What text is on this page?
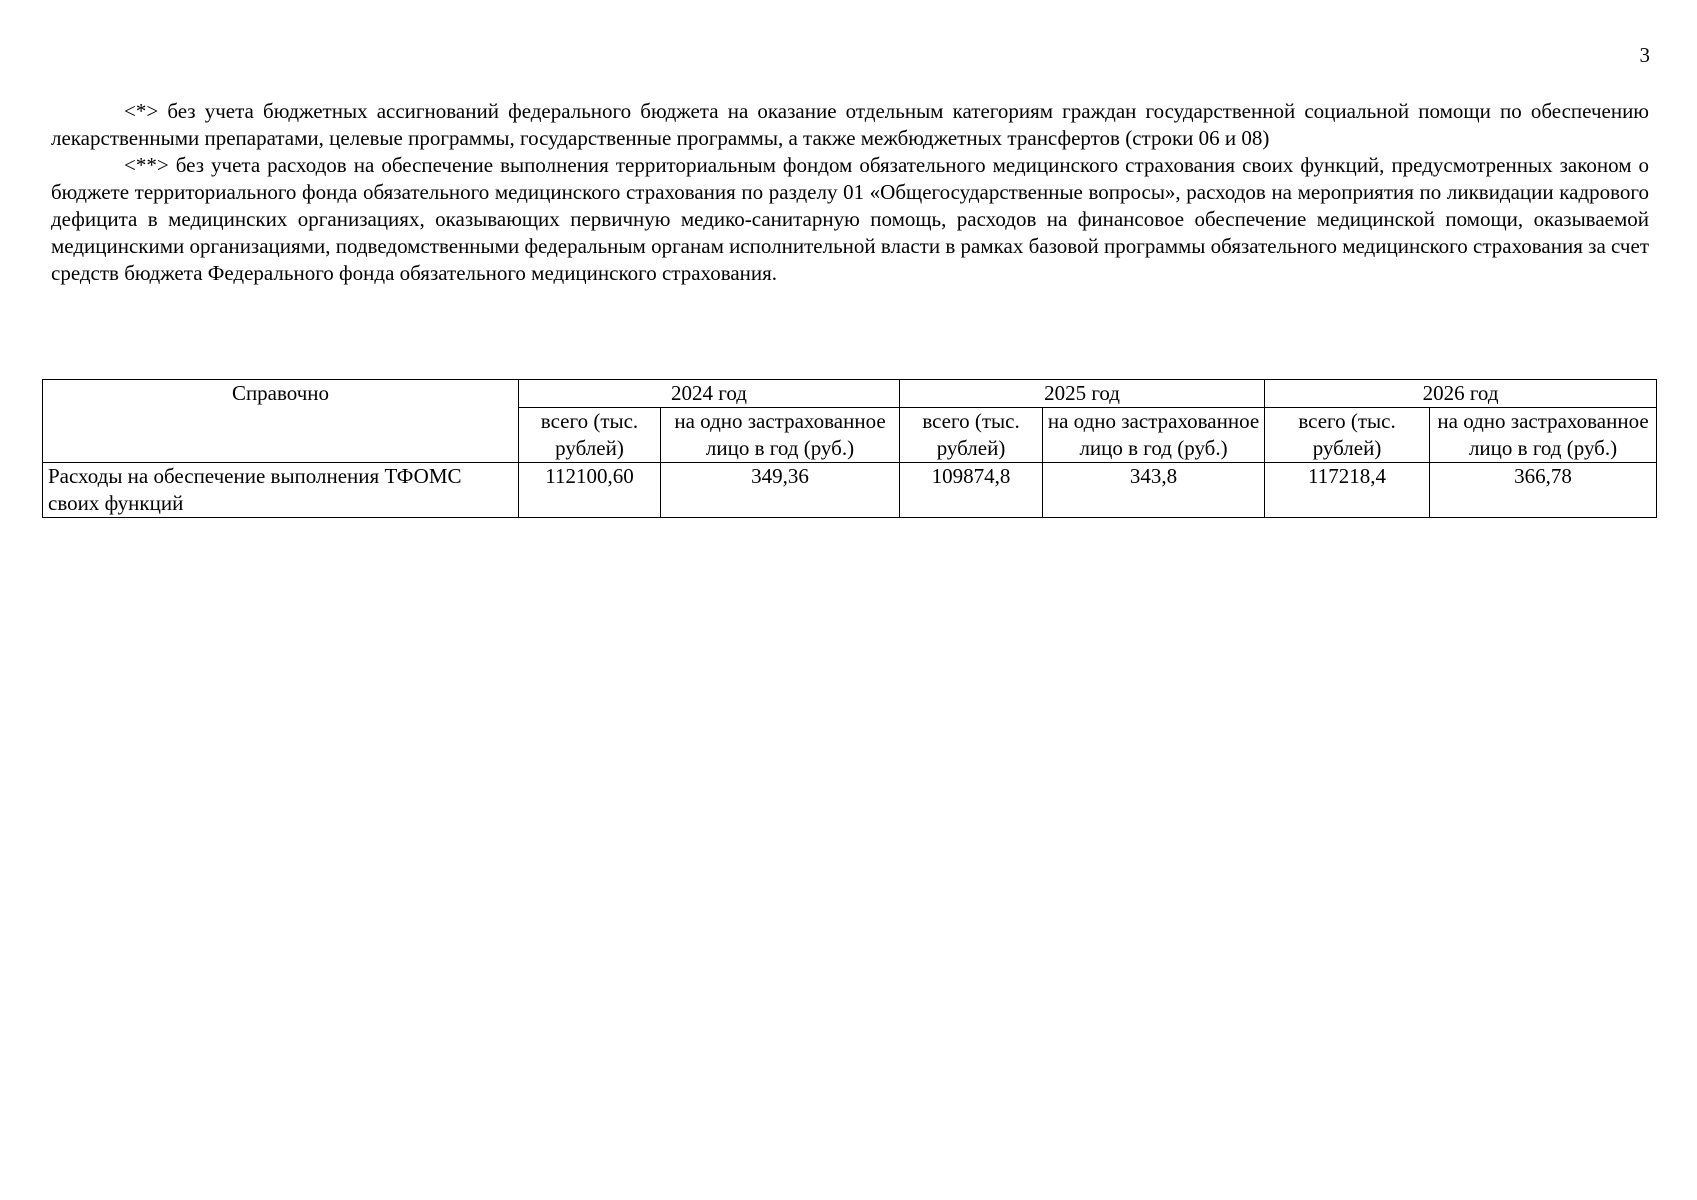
3

<*> без учета бюджетных ассигнований федерального бюджета на оказание отдельным категориям граждан государственной социальной помощи по обеспечению лекарственными препаратами, целевые программы, государственные программы, а также межбюджетных трансфертов (строки 06 и 08)

<**> без учета расходов на обеспечение выполнения территориальным фондом обязательного медицинского страхования своих функций, предусмотренных законом о бюджете территориального фонда обязательного медицинского страхования по разделу 01 «Общегосударственные вопросы», расходов на мероприятия по ликвидации кадрового дефицита в медицинских организациях, оказывающих первичную медико-санитарную помощь, расходов на финансовое обеспечение медицинской помощи, оказываемой медицинскими организациями, подведомственными федеральным органам исполнительной власти в рамках базовой программы обязательного медицинского страхования за счет средств бюджета Федерального фонда обязательного медицинского страхования.

Справочно	2024 год		2025 год		2026 год	
	всего (тыс. рублей)	на одно застрахованное лицо в год (руб.)	всего (тыс. рублей)	на одно застрахованное лицо в год (руб.)	всего (тыс. рублей)	на одно застрахованное лицо в год (руб.)
Расходы на обеспечение выполнения ТФОМС своих функций	112100,60	349,36	109874,8	343,8	117218,4	366,78
